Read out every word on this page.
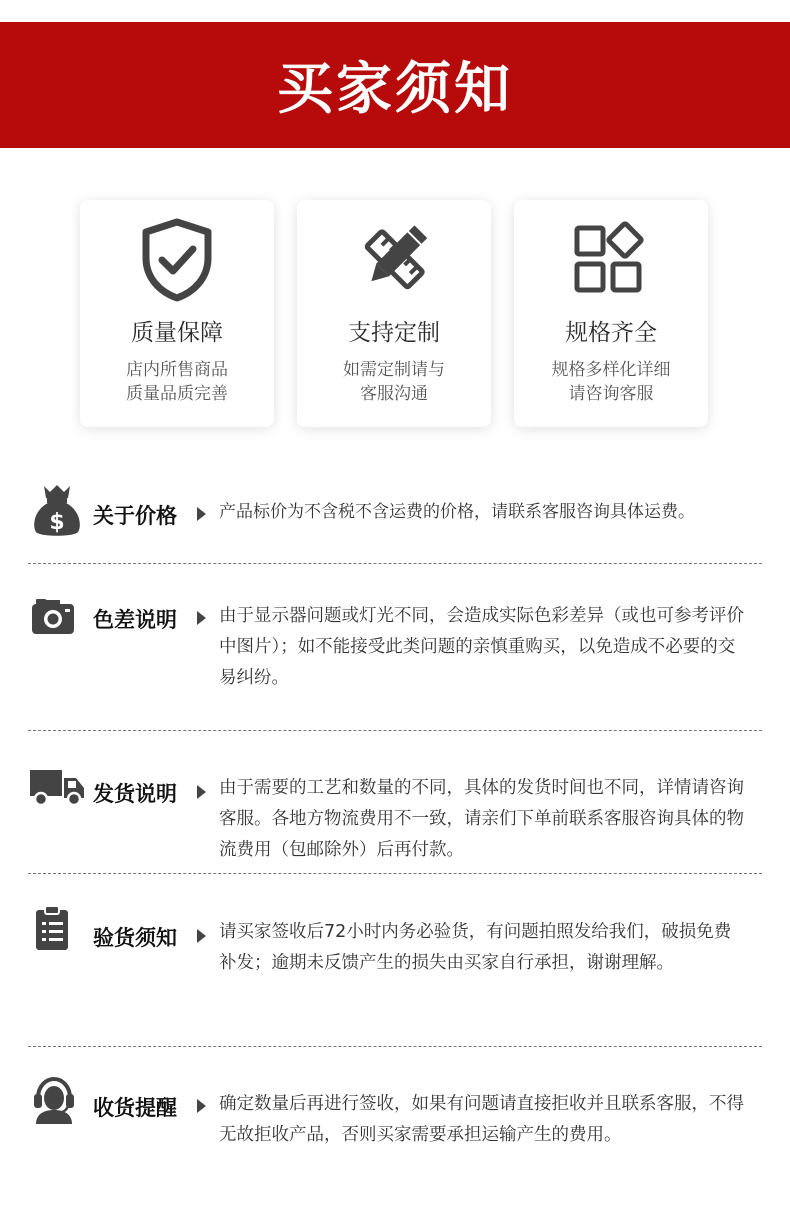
买家须知
质量保障
店内所售商品
质量品质完善
支持定制
如需定制请与
客服沟通
规格齐全
规格多样化详细
请咨询客服
$ 关于价格 产品标价为不含税不含运费的价格，请联系客服咨询具体运费。
色差说明 由于显示器问题或灯光不同，会造成实际色彩差异（或也可参考评价中图片）；如不能接受此类问题的亲慎重购买，以免造成不必要的交易纠纷。
发货说明 由于需要的工艺和数量的不同，具体的发货时间也不同，详情请咨询客服。各地方物流费用不一致，请亲们下单前联系客服咨询具体的物流费用（包邮除外）后再付款。
验货须知 请买家签收后72小时内务必验货，有问题拍照发给我们，破损免费补发；逾期未反馈产生的损失由买家自行承担，谢谢理解。
收货提醒 确定数量后再进行签收，如果有问题请直接拒收并且联系客服，不得无故拒收产品，否则买家需要承担运输产生的费用。
